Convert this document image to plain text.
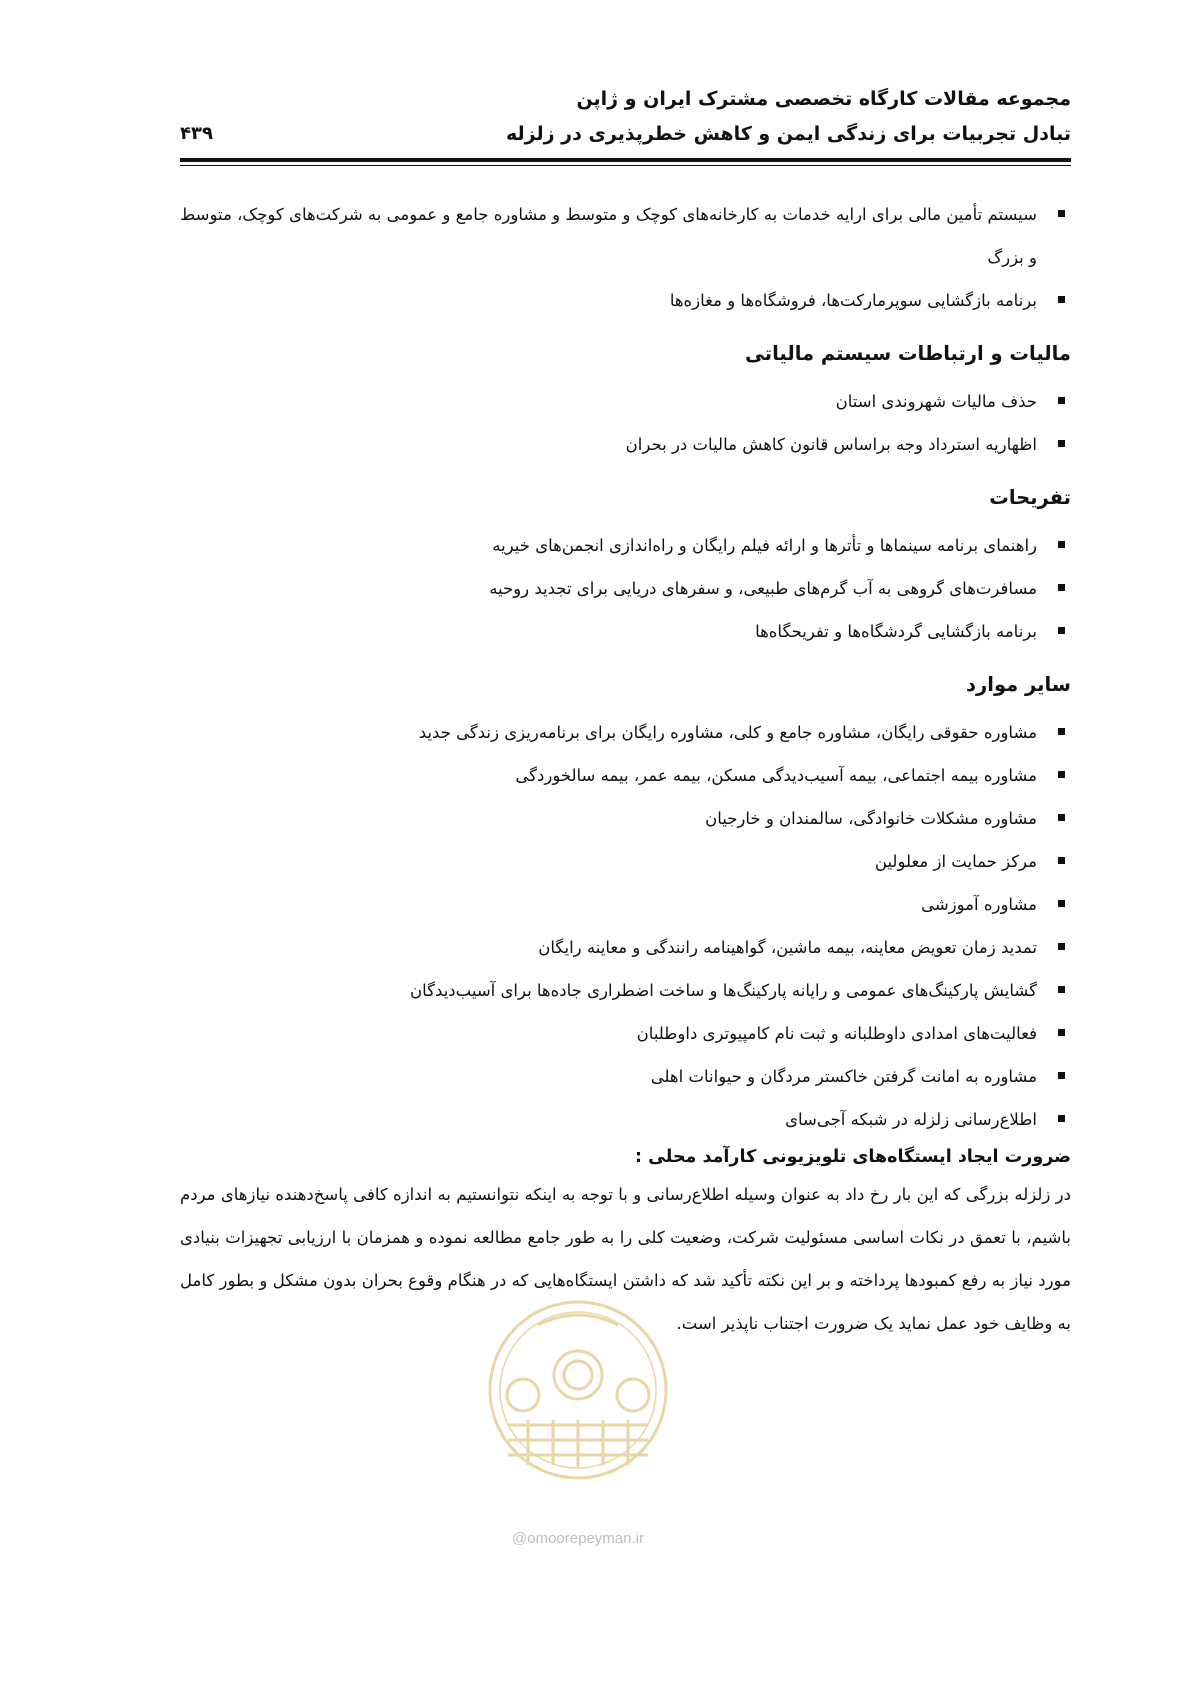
مجموعه مقالات کارگاه تخصصی مشترک ایران و ژاپن
تبادل تجربیات برای زندگی ایمن و کاهش خطرپذیری در زلزله
۴۳۹
سیستم تأمین مالی برای ارایه خدمات به کارخانه‌های کوچک و متوسط و مشاوره جامع و عمومی به شرکت‌های کوچک، متوسط و بزرگ
برنامه بازگشایی سوپرمارکت‌ها، فروشگاه‌ها و مغازه‌ها
مالیات و ارتباطات سیستم مالیاتی
حذف مالیات شهروندی استان
اظهاریه استرداد وجه براساس قانون کاهش مالیات در بحران
تفریحات
راهنمای برنامه سینماها و تأترها و ارائه فیلم رایگان و راه‌اندازی انجمن‌های خیریه
مسافرت‌های گروهی به آب گرم‌های طبیعی، و سفرهای دریایی برای تجدید روحیه
برنامه بازگشایی گردشگاه‌ها و تفریحگاه‌ها
سایر موارد
مشاوره حقوقی رایگان، مشاوره جامع و کلی، مشاوره رایگان برای برنامه‌ریزی زندگی جدید
مشاوره بیمه اجتماعی، بیمه آسیب‌دیدگی مسکن، بیمه عمر، بیمه سالخوردگی
مشاوره مشکلات خانوادگی، سالمندان و خارجیان
مرکز حمایت از معلولین
مشاوره آموزشی
تمدید زمان تعویض معاینه، بیمه ماشین، گواهینامه رانندگی و معاینه رایگان
گشایش پارکینگ‌های عمومی و رایانه پارکینگ‌ها و ساخت اضطراری جاده‌ها برای آسیب‌دیدگان
فعالیت‌های امدادی داوطلبانه و ثبت نام کامپیوتری داوطلبان
مشاوره به امانت گرفتن خاکستر مردگان و حیوانات اهلی
اطلاع‌رسانی زلزله در شبکه آجی‌سای
ضرورت ایجاد ایستگاه‌های تلویزیونی کارآمد محلی :
در زلزله بزرگی که این بار رخ داد به عنوان وسیله اطلاع‌رسانی و با توجه به اینکه نتوانستیم به اندازه کافی پاسخ‌دهنده نیازهای مردم باشیم، با تعمق در نکات اساسی مسئولیت شرکت، وضعیت کلی را به طور جامع مطالعه نموده و همزمان با ارزیابی تجهیزات بنیادی مورد نیاز به رفع کمبودها پرداخته و بر این نکته تأکید شد که داشتن ایستگاه‌هایی که در هنگام وقوع بحران بدون مشکل و بطور کامل به وظایف خود عمل نماید یک ضرورت اجتناب ناپذیر است.
@omoorepeyman.ir
